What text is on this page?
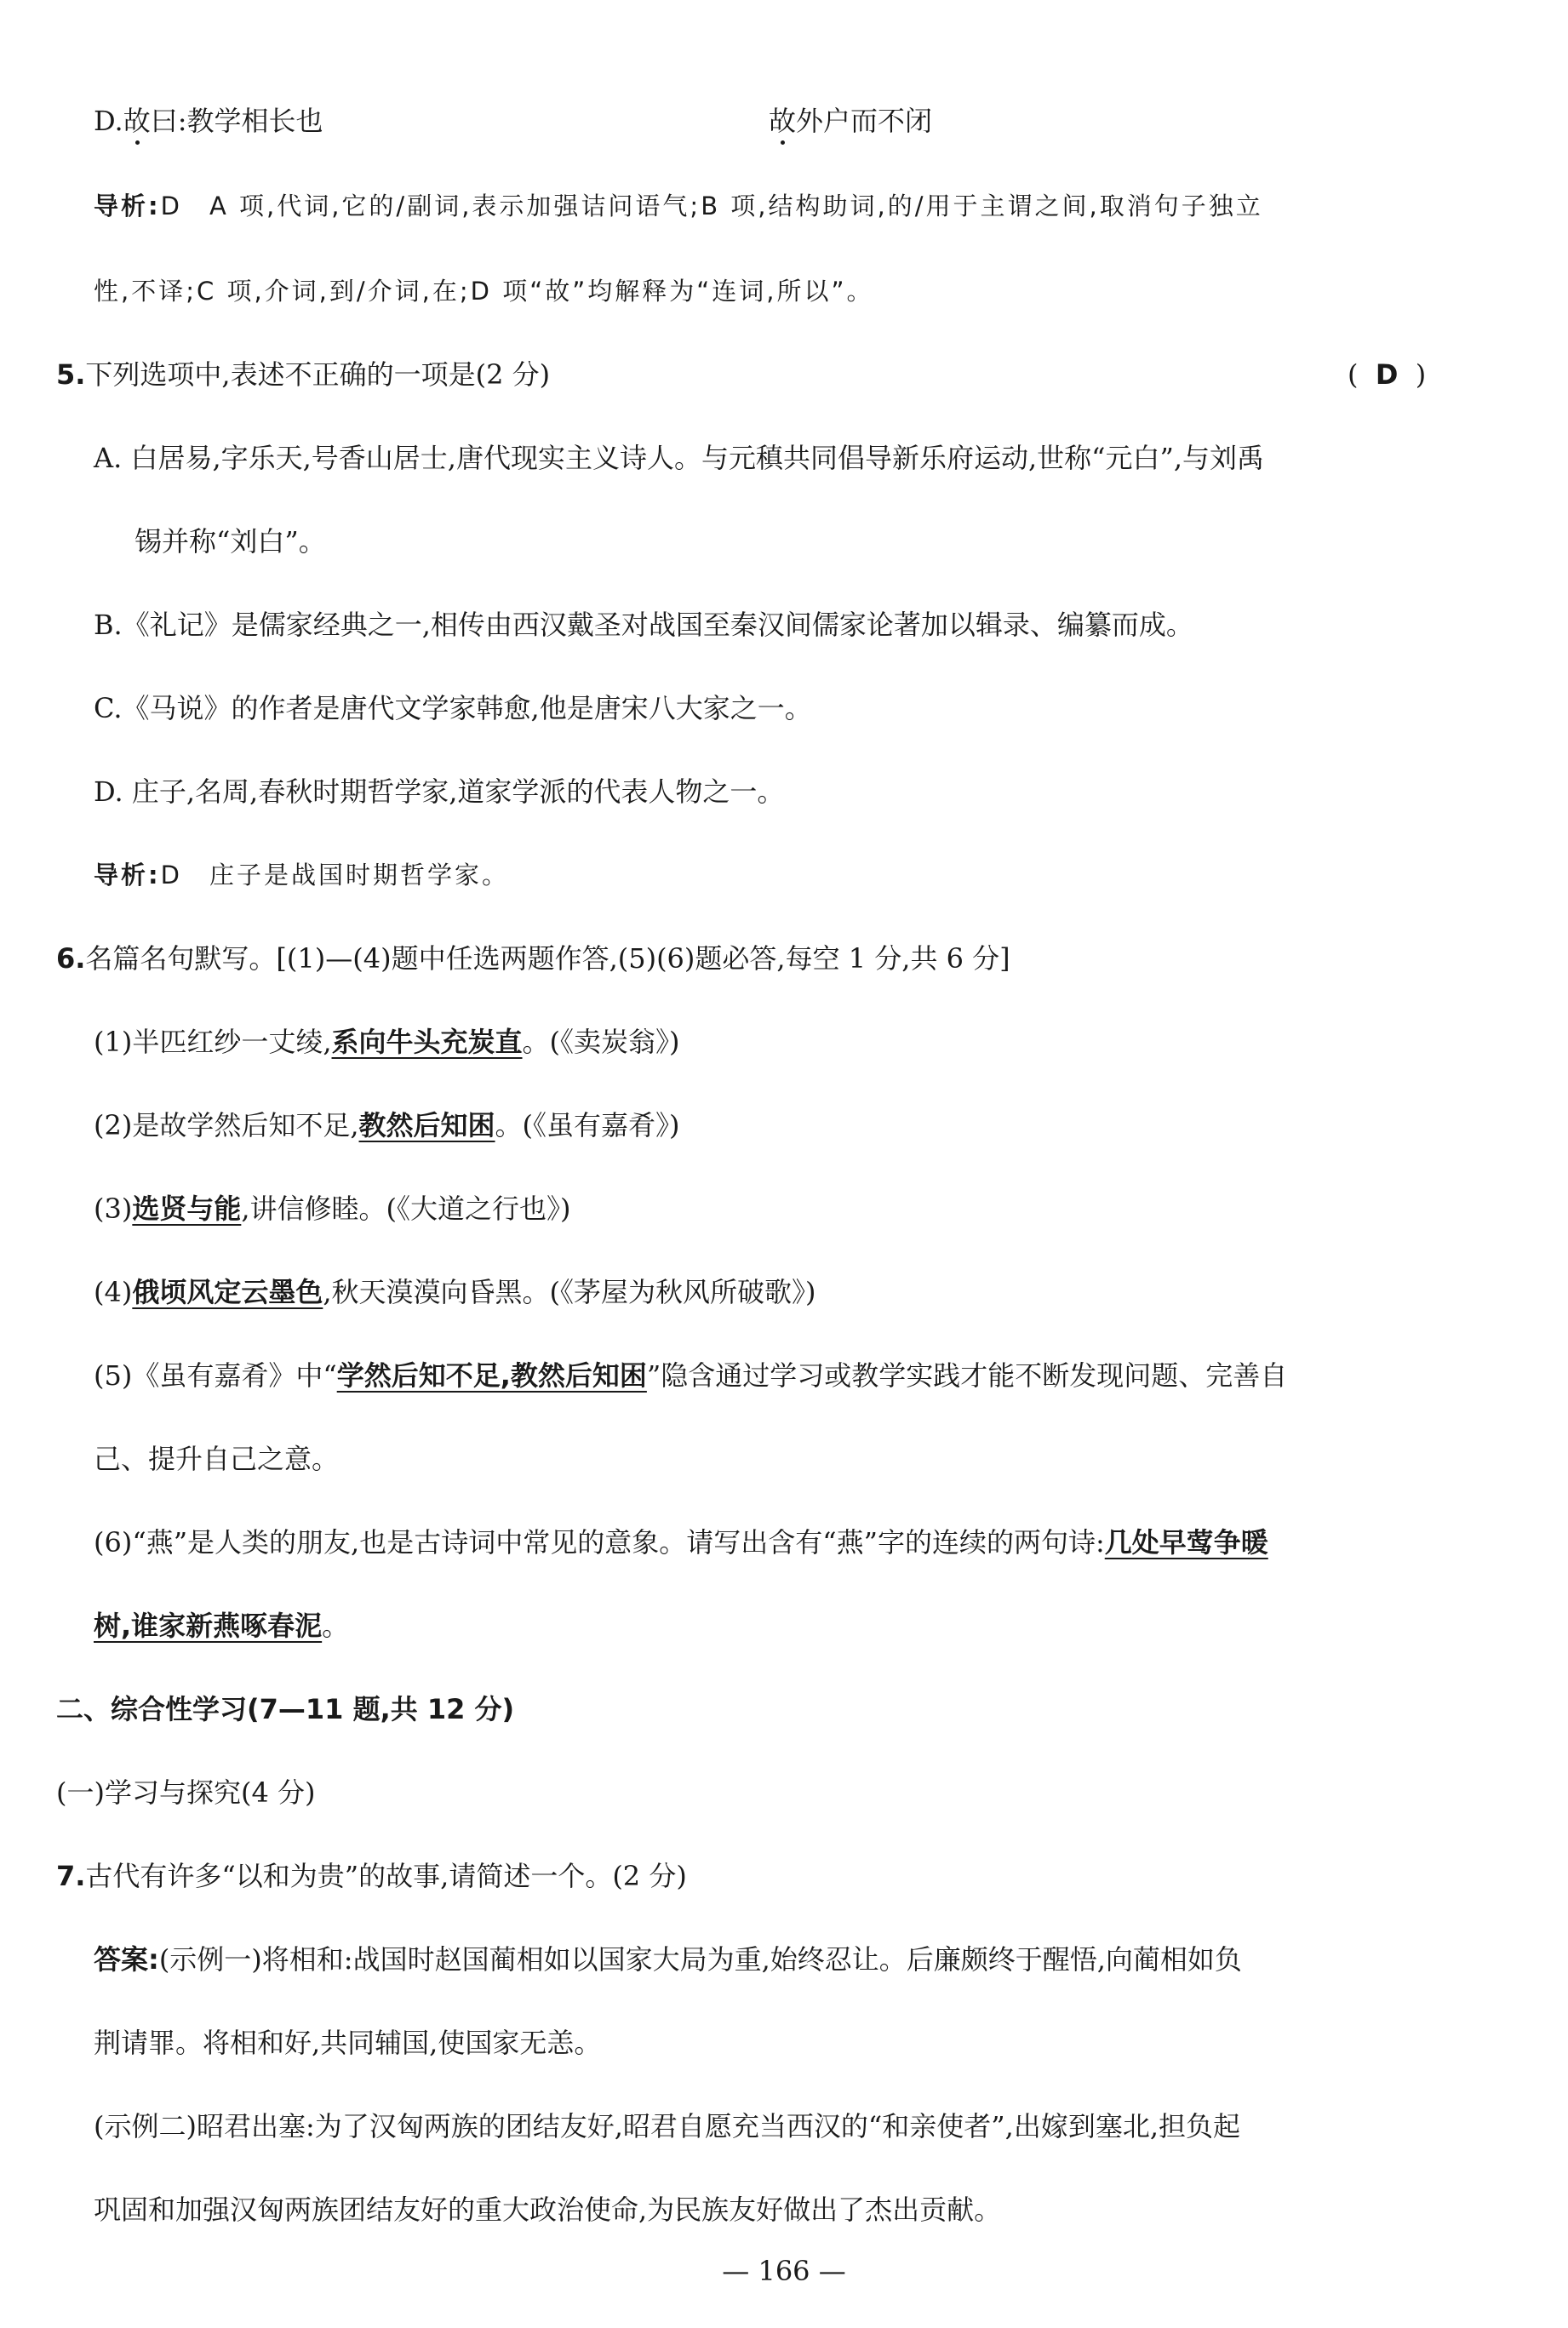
D.故曰:教学相长也	故外户而不闭
导析:D　A 项,代词,它的/副词,表示加强诘问语气;B 项,结构助词,的/用于主谓之间,取消句子独立
性,不译;C 项,介词,到/介词,在;D 项“故”均解释为“连词,所以”。
5.下列选项中,表述不正确的一项是(2 分)	(  D  )
A. 白居易,字乐天,号香山居士,唐代现实主义诗人。与元稹共同倡导新乐府运动,世称“元白”,与刘禹
锡并称“刘白”。
B.《礼记》是儒家经典之一,相传由西汉戴圣对战国至秦汉间儒家论著加以辑录、编纂而成。
C.《马说》的作者是唐代文学家韩愈,他是唐宋八大家之一。
D. 庄子,名周,春秋时期哲学家,道家学派的代表人物之一。
导析:D　庄子是战国时期哲学家。
6.名篇名句默写。[(1)—(4)题中任选两题作答,(5)(6)题必答,每空 1 分,共 6 分]
(1)半匹红纱一丈绫,系向牛头充炭直。(《卖炭翁》)
(2)是故学然后知不足,教然后知困。(《虽有嘉肴》)
(3)选贤与能,讲信修睦。(《大道之行也》)
(4)俄顷风定云墨色,秋天漠漠向昏黑。(《茅屋为秋风所破歌》)
(5)《虽有嘉肴》中“学然后知不足,教然后知困”隐含通过学习或教学实践才能不断发现问题、完善自
己、提升自己之意。
(6)“燕”是人类的朋友,也是古诗词中常见的意象。请写出含有“燕”字的连续的两句诗:几处早莺争暖
树,谁家新燕啄春泥。
二、综合性学习(7—11 题,共 12 分)
(一)学习与探究(4 分)
7.古代有许多“以和为贵”的故事,请简述一个。(2 分)
答案:(示例一)将相和:战国时赵国蔺相如以国家大局为重,始终忍让。后廉颇终于醒悟,向蔺相如负
荆请罪。将相和好,共同辅国,使国家无恙。
(示例二)昭君出塞:为了汉匈两族的团结友好,昭君自愿充当西汉的“和亲使者”,出嫁到塞北,担负起
巩固和加强汉匈两族团结友好的重大政治使命,为民族友好做出了杰出贡献。
— 166 —
